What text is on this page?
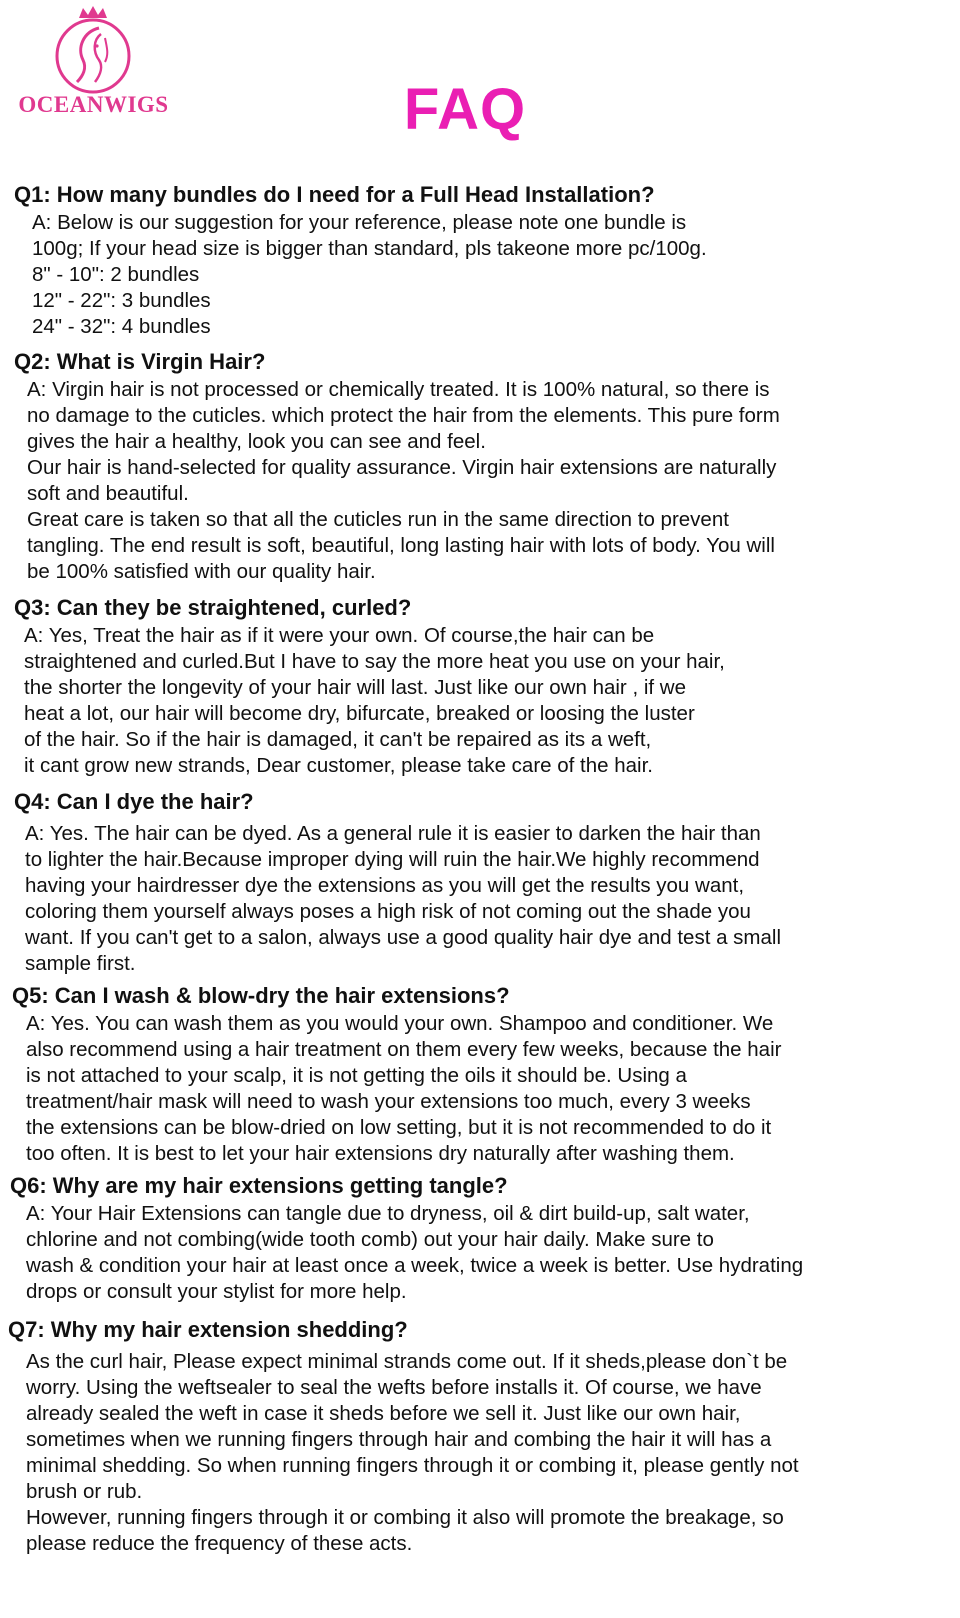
OCEANWIGS	FAQ
Q1: How many bundles do I need for a Full Head Installation?

A: Below is our suggestion for your reference, please note one bundle is

100g; If your head size is bigger than standard, pls takeone more pc/100g.

8" - 10": 2 bundles

12" - 22": 3 bundles

24" - 32": 4 bundles

Q2: What is Virgin Hair?

A: Virgin hair is not processed or chemically treated. It is 100% natural, so there is

no damage to the cuticles. which protect the hair from the elements. This pure form

gives the hair a healthy, look you can see and feel.

Our hair is hand-selected for quality assurance. Virgin hair extensions are naturally

soft and beautiful.

Great care is taken so that all the cuticles run in the same direction to prevent

tangling. The end result is soft, beautiful, long lasting hair with lots of body. You will

be 100% satisfied with our quality hair.

Q3: Can they be straightened, curled?

A: Yes, Treat the hair as if it were your own. Of course,the hair can be

straightened and curled.But I have to say the more heat you use on your hair,

the shorter the longevity of your hair will last. Just like our own hair , if we

heat a lot, our hair will become dry, bifurcate, breaked or loosing the luster

of the hair. So if the hair is damaged, it can't be repaired as its a weft,

it cant grow new strands, Dear customer, please take care of the hair.

Q4: Can I dye the hair?

A: Yes. The hair can be dyed. As a general rule it is easier to darken the hair than

to lighter the hair.Because improper dying will ruin the hair.We highly recommend

having your hairdresser dye the extensions as you will get the results you want,

coloring them yourself always poses a high risk of not coming out the shade you

want. If you can't get to a salon, always use a good quality hair dye and test a small

sample first.

Q5: Can I wash & blow-dry the hair extensions?

A: Yes. You can wash them as you would your own. Shampoo and conditioner. We

also recommend using a hair treatment on them every few weeks, because the hair

is not attached to your scalp, it is not getting the oils it should be. Using a

treatment/hair mask will need to wash your extensions too much, every 3 weeks

the extensions can be blow-dried on low setting, but it is not recommended to do it

too often. It is best to let your hair extensions dry naturally after washing them.

Q6: Why are my hair extensions getting tangle?

A: Your Hair Extensions can tangle due to dryness, oil & dirt build-up, salt water,

chlorine and not combing(wide tooth comb) out your hair daily. Make sure to

wash & condition your hair at least once a week, twice a week is better. Use hydrating

drops or consult your stylist for more help.

Q7: Why my hair extension shedding?

As the curl hair, Please expect minimal strands come out. If it sheds,please don`t be

worry. Using the weftsealer to seal the wefts before installs it. Of course, we have

already sealed the weft in case it sheds before we sell it. Just like our own hair,

sometimes when we running fingers through hair and combing the hair it will has a

minimal shedding. So when running fingers through it or combing it, please gently not

brush or rub.

However, running fingers through it or combing it also will promote the breakage, so

please reduce the frequency of these acts.
